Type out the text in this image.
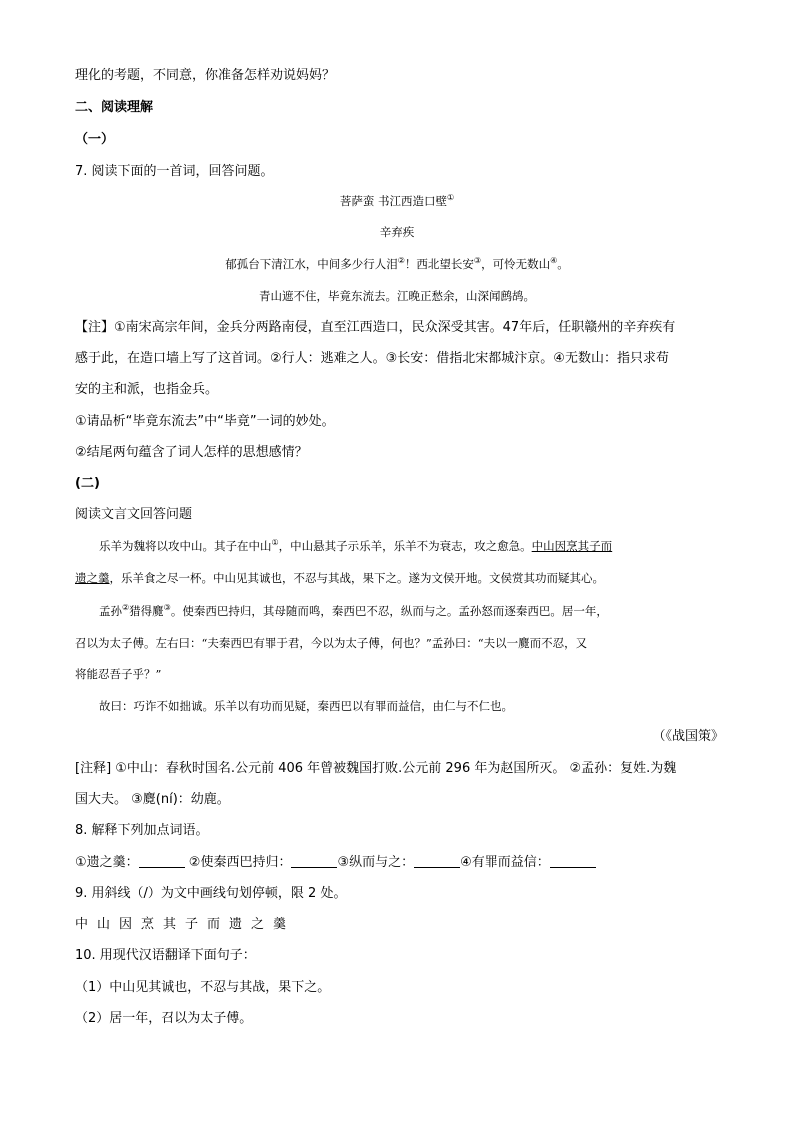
理化的考题，不同意，你准备怎样劝说妈妈？
二、阅读理解
（一）
7. 阅读下面的一首词，回答问题。
菩萨蛮 书江西造口壁①
辛弃疾
郁孤台下清江水，中间多少行人泪②！西北望长安③，可怜无数山④。
青山遮不住，毕竟东流去。江晚正愁余，山深闻鹧鸪。
【注】①南宋高宗年间，金兵分两路南侵，直至江西造口，民众深受其害。47年后，任职赣州的辛弃疾有
感于此，在造口墙上写了这首词。②行人：逃难之人。③长安：借指北宋都城汴京。④无数山：指只求苟
安的主和派，也指金兵。
①请品析“毕竟东流去”中“毕竟”一词的妙处。
②结尾两句蕴含了词人怎样的思想感情？
(二)
阅读文言文回答问题
乐羊为魏将以攻中山。其子在中山①，中山悬其子示乐羊，乐羊不为衰志，攻之愈急。中山因烹其子而
遗之羹，乐羊食之尽一杯。中山见其诚也，不忍与其战，果下之。遂为文侯开地。文侯赏其功而疑其心。
孟孙②猎得麑③。使秦西巴持归，其母随而鸣，秦西巴不忍，纵而与之。孟孙怒而逐秦西巴。居一年，
召以为太子傅。左右曰：“夫秦西巴有罪于君，今以为太子傅，何也？”孟孙曰：“夫以一麑而不忍，又
将能忍吾子乎？”
故曰：巧诈不如拙诚。乐羊以有功而见疑，秦西巴以有罪而益信，由仁与不仁也。
（《战国策》
[注释] ①中山：春秋时国名.公元前 406 年曾被魏国打败.公元前 296 年为赵国所灭。 ②孟孙：复姓.为魏
国大夫。 ③麑(ní)：幼鹿。
8. 解释下列加点词语。
①遗之羹：	②使秦西巴持归：	③纵而与之：	④有罪而益信：
9. 用斜线（/）为文中画线句划停顿，限 2 处。
中山因烹其子而遗之羹
10. 用现代汉语翻译下面句子：
（1）中山见其诚也，不忍与其战，果下之。
（2）居一年，召以为太子傅。
